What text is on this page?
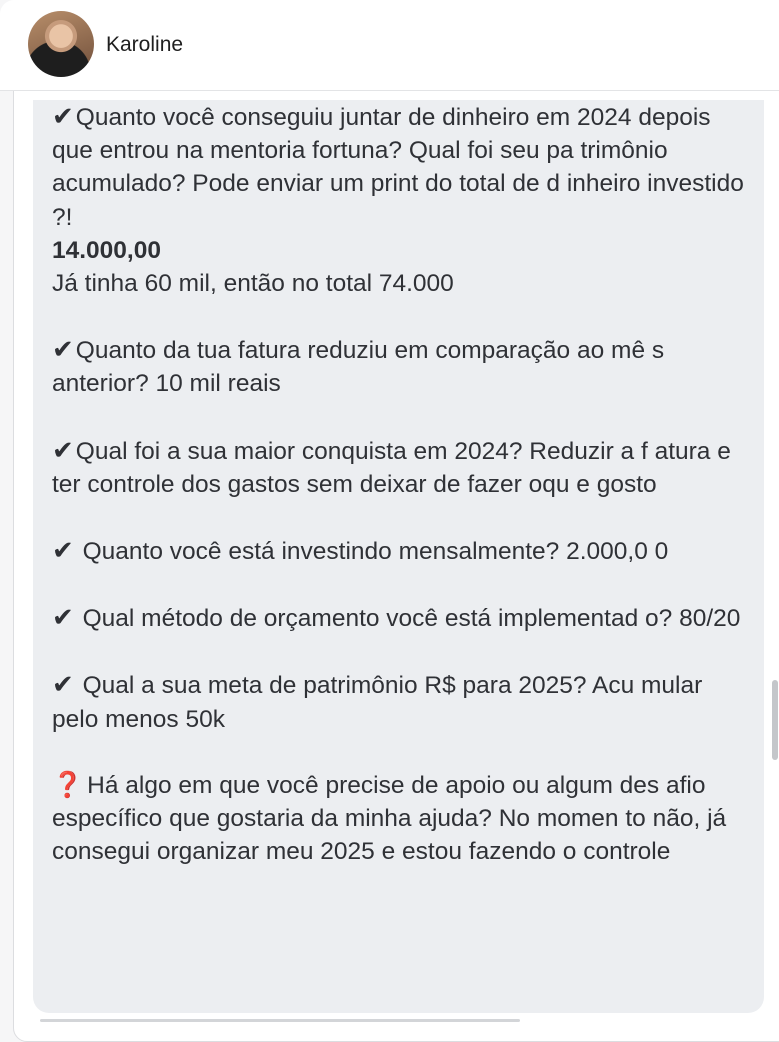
Karoline
✔Quanto você conseguiu juntar de dinheiro em 2024 depois que entrou na mentoria fortuna? Qual foi seu pa trimônio acumulado? Pode enviar um print do total de d inheiro investido ?!
14.000,00
Já tinha 60 mil, então no total 74.000
✔Quanto da tua fatura reduziu em comparação ao mê s anterior? 10 mil reais
✔Qual foi a sua maior conquista em 2024? Reduzir a f atura e ter controle dos gastos sem deixar de fazer oqu e gosto
✔ Quanto você está investindo mensalmente? 2.000,0 0
✔ Qual método de orçamento você está implementad o? 80/20
✔ Qual a sua meta de patrimônio R$ para 2025? Acu mular pelo menos 50k
❓ Há algo em que você precise de apoio ou algum des afio específico que gostaria da minha ajuda? No momen to não, já consegui organizar meu 2025 e estou fazendo o controle
